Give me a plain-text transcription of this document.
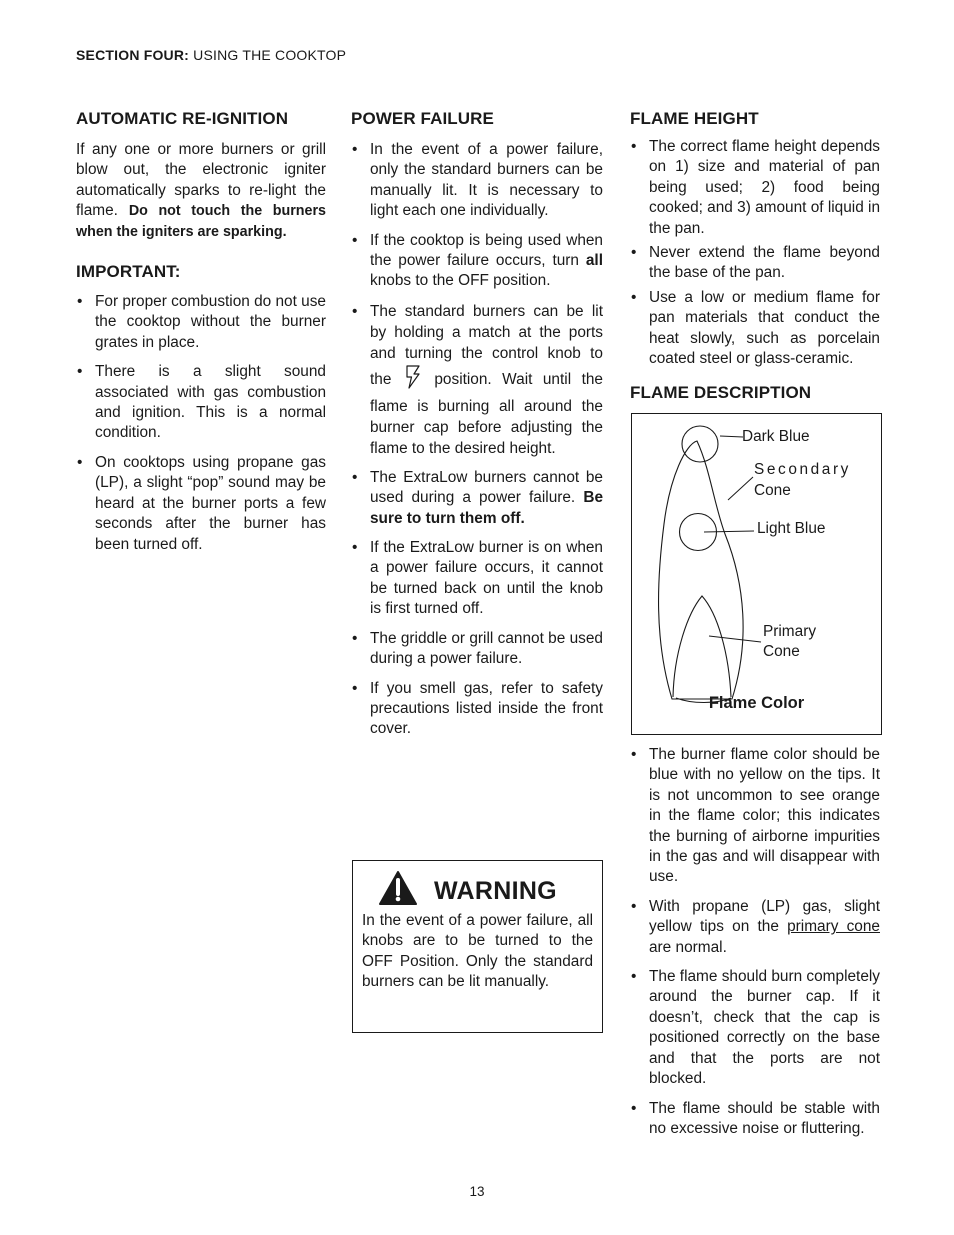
SECTION FOUR: USING THE COOKTOP
AUTOMATIC RE-IGNITION

If any one or more burners or grill blow out, the electronic igniter automatically sparks to re-light the flame. Do not touch the burners when the igniters are sparking.

IMPORTANT:
• For proper combustion do not use the cooktop without the burner grates in place.
• There is a slight sound associated with gas combustion and ignition. This is a normal condition.
• On cooktops using propane gas (LP), a slight “pop” sound may be heard at the burner ports a few seconds after the burner has been turned off.
POWER FAILURE
• In the event of a power failure, only the standard burners can be manually lit. It is necessary to light each one individually.
• If the cooktop is being used when the power failure occurs, turn all knobs to the OFF position.
• The standard burners can be lit by holding a match at the ports and turning the control knob to the	position. Wait until the flame is burning all around the burner cap before adjusting the flame to the desired height.
• The ExtraLow burners cannot be used during a power failure. Be sure to turn them off.
• If the ExtraLow burner is on when a power failure occurs, it cannot be turned back on until the knob is first turned off.
• The griddle or grill cannot be used during a power failure.
• If you smell gas, refer to safety precautions listed inside the front cover.
WARNING

In the event of a power failure, all knobs are to be turned to the OFF Position. Only the standard burners can be lit manually.

FLAME HEIGHT
• The correct flame height depends on 1) size and material of pan being used; 2) food being cooked; and 3) amount of liquid in the pan.
• Never extend the flame beyond the base of the pan.
• Use a low or medium flame for pan materials that conduct the heat slowly, such as porcelain coated steel or glass-ceramic.
FLAME DESCRIPTION
Dark Blue
Secondary
Cone
Light Blue
Primary
Cone
Flame Color
• The burner flame color should be blue with no yellow on the tips. It is not uncommon to see orange in the flame color; this indicates the burning of airborne impurities in the gas and will disappear with use.
• With propane (LP) gas, slight yellow tips on the primary cone are normal.
• The flame should burn completely around the burner cap. If it doesn’t, check that the cap is positioned correctly on the base and that the ports are not blocked.
• The flame should be stable with no excessive noise or fluttering.
13
